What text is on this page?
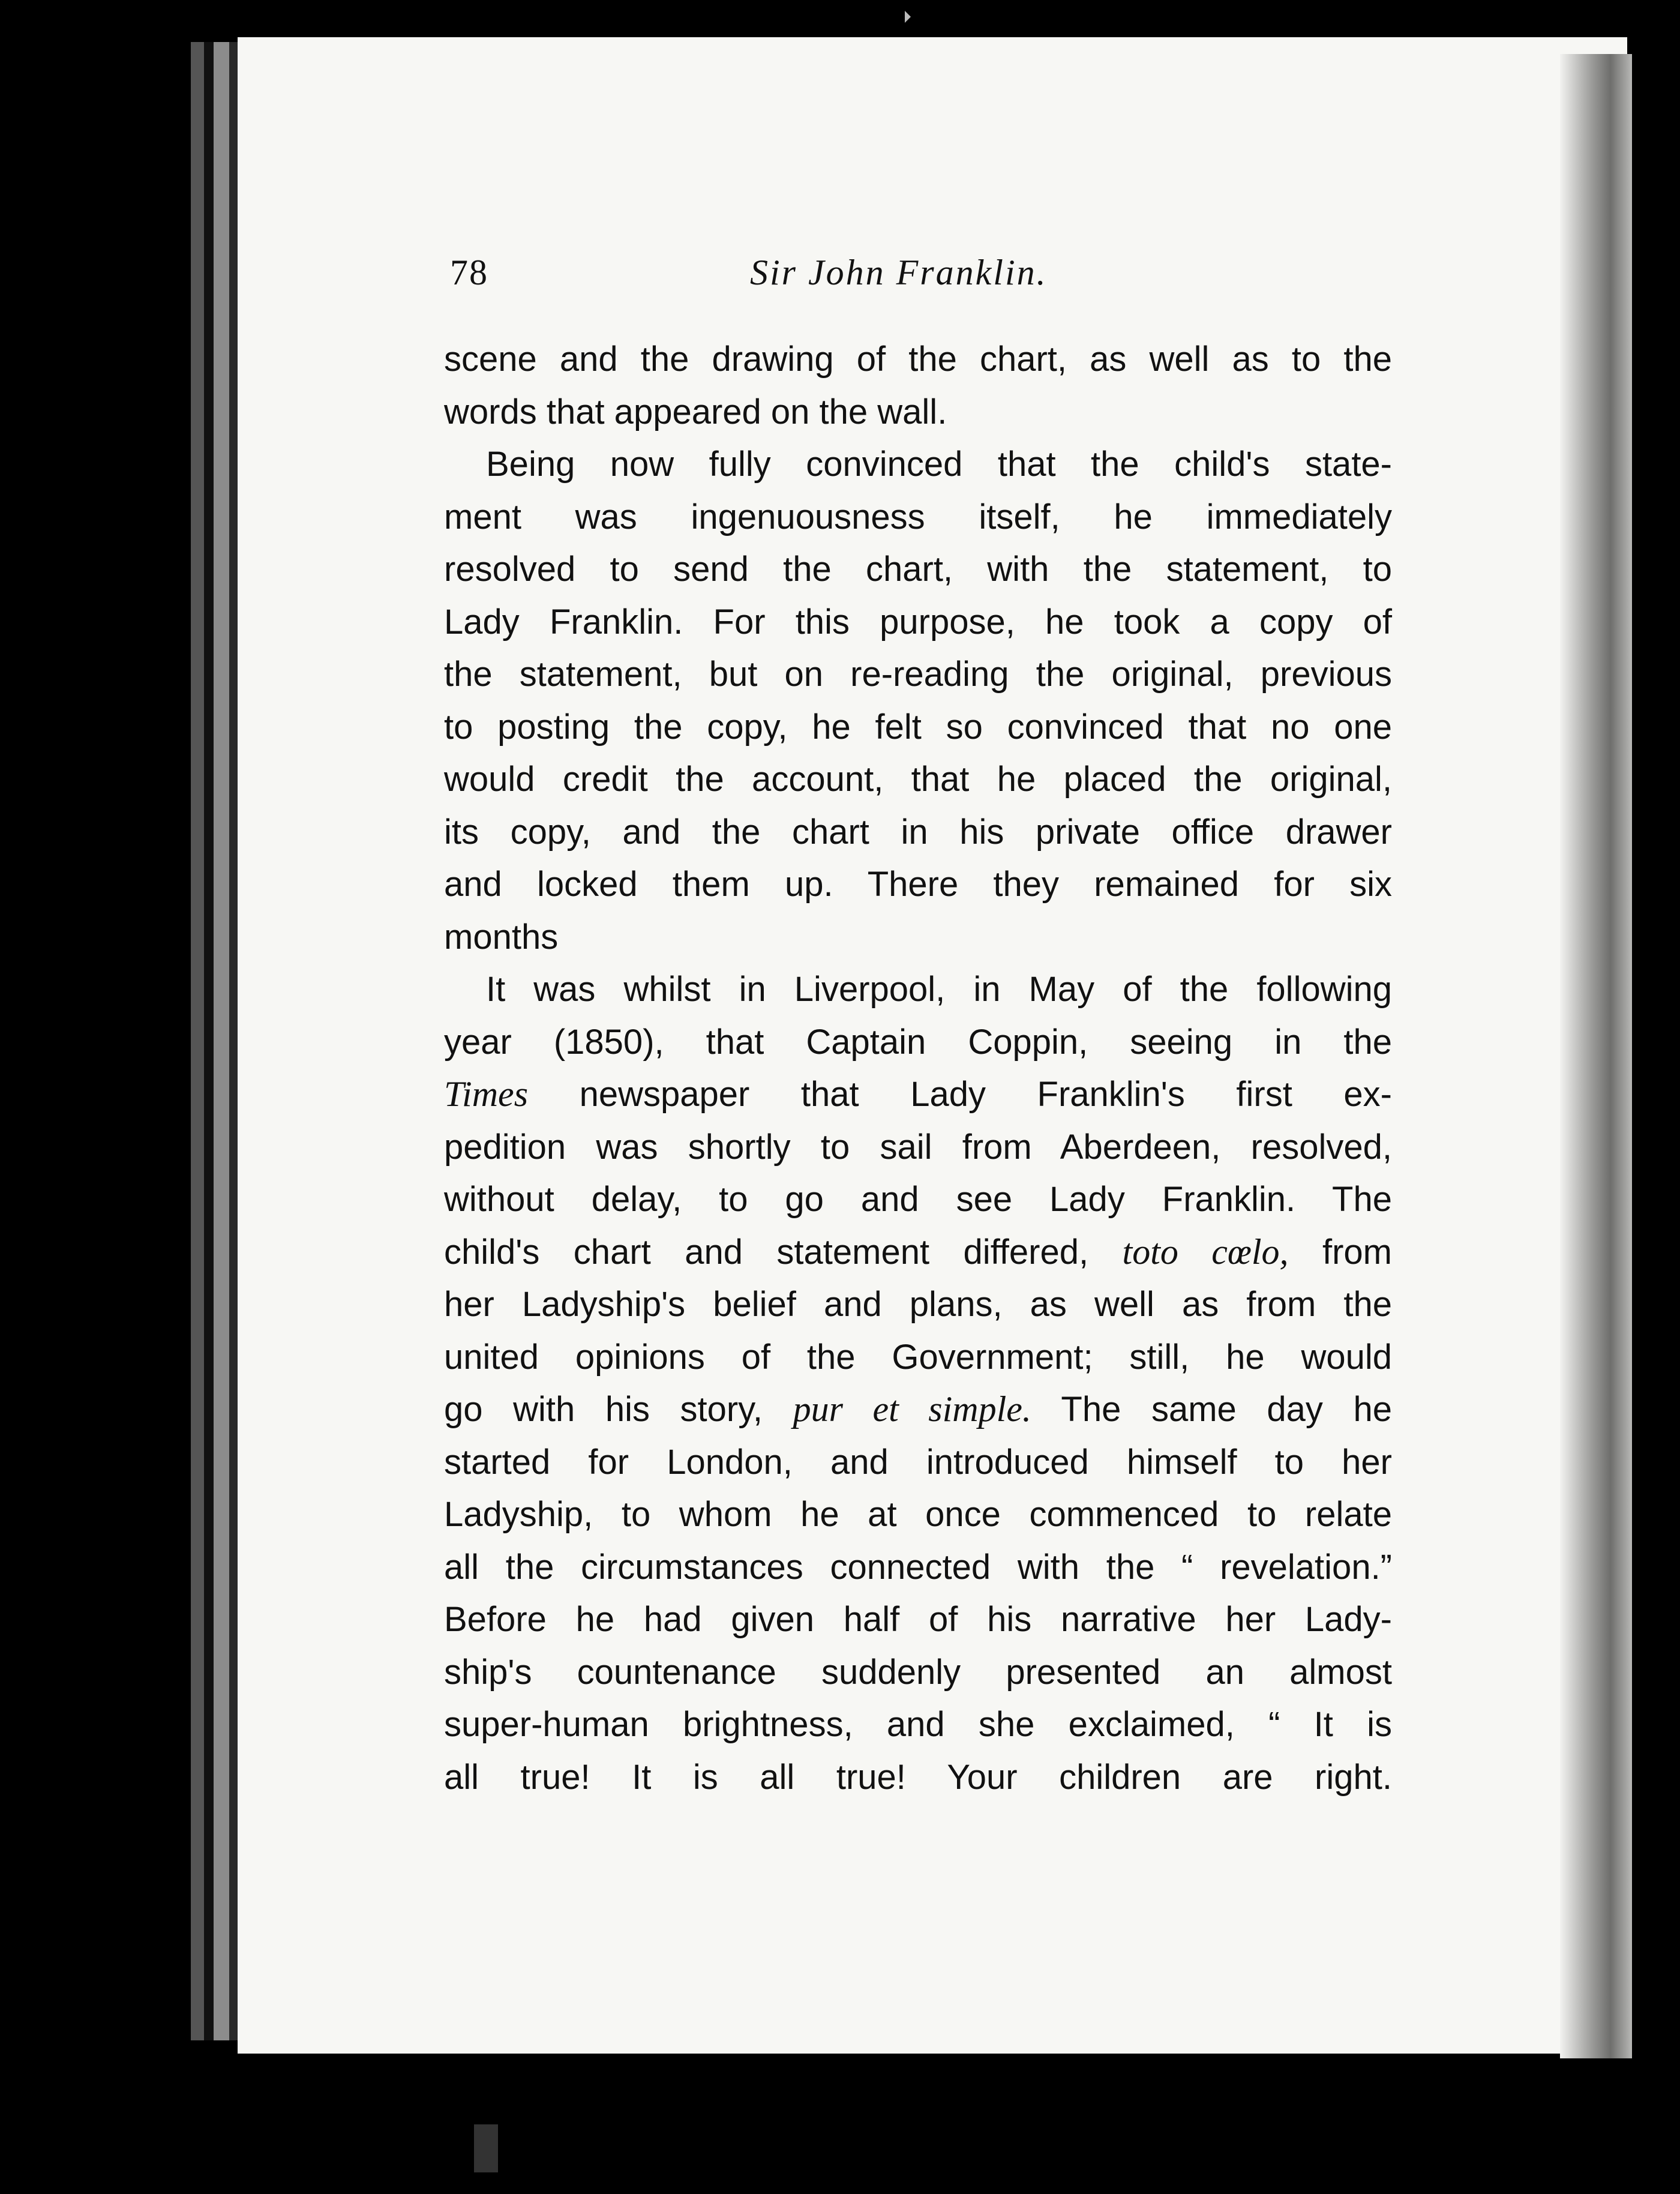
78	Sir John Franklin.
scene and the drawing of the chart, as well as to the
words that appeared on the wall.
Being now fully convinced that the child's state-
ment was ingenuousness itself, he immediately
resolved to send the chart, with the statement, to
Lady Franklin. For this purpose, he took a copy of
the statement, but on re-reading the original, previous
to posting the copy, he felt so convinced that no one
would credit the account, that he placed the original,
its copy, and the chart in his private office drawer
and locked them up. There they remained for six
months
It was whilst in Liverpool, in May of the following
year (1850), that Captain Coppin, seeing in the
Times newspaper that Lady Franklin's first ex-
pedition was shortly to sail from Aberdeen, resolved,
without delay, to go and see Lady Franklin. The
child's chart and statement differed, toto cœlo, from
her Ladyship's belief and plans, as well as from the
united opinions of the Government; still, he would
go with his story, pur et simple. The same day he
started for London, and introduced himself to her
Ladyship, to whom he at once commenced to relate
all the circumstances connected with the “ revelation.”
Before he had given half of his narrative her Lady-
ship's countenance suddenly presented an almost
super-human brightness, and she exclaimed, “ It is
all true! It is all true! Your children are right.
